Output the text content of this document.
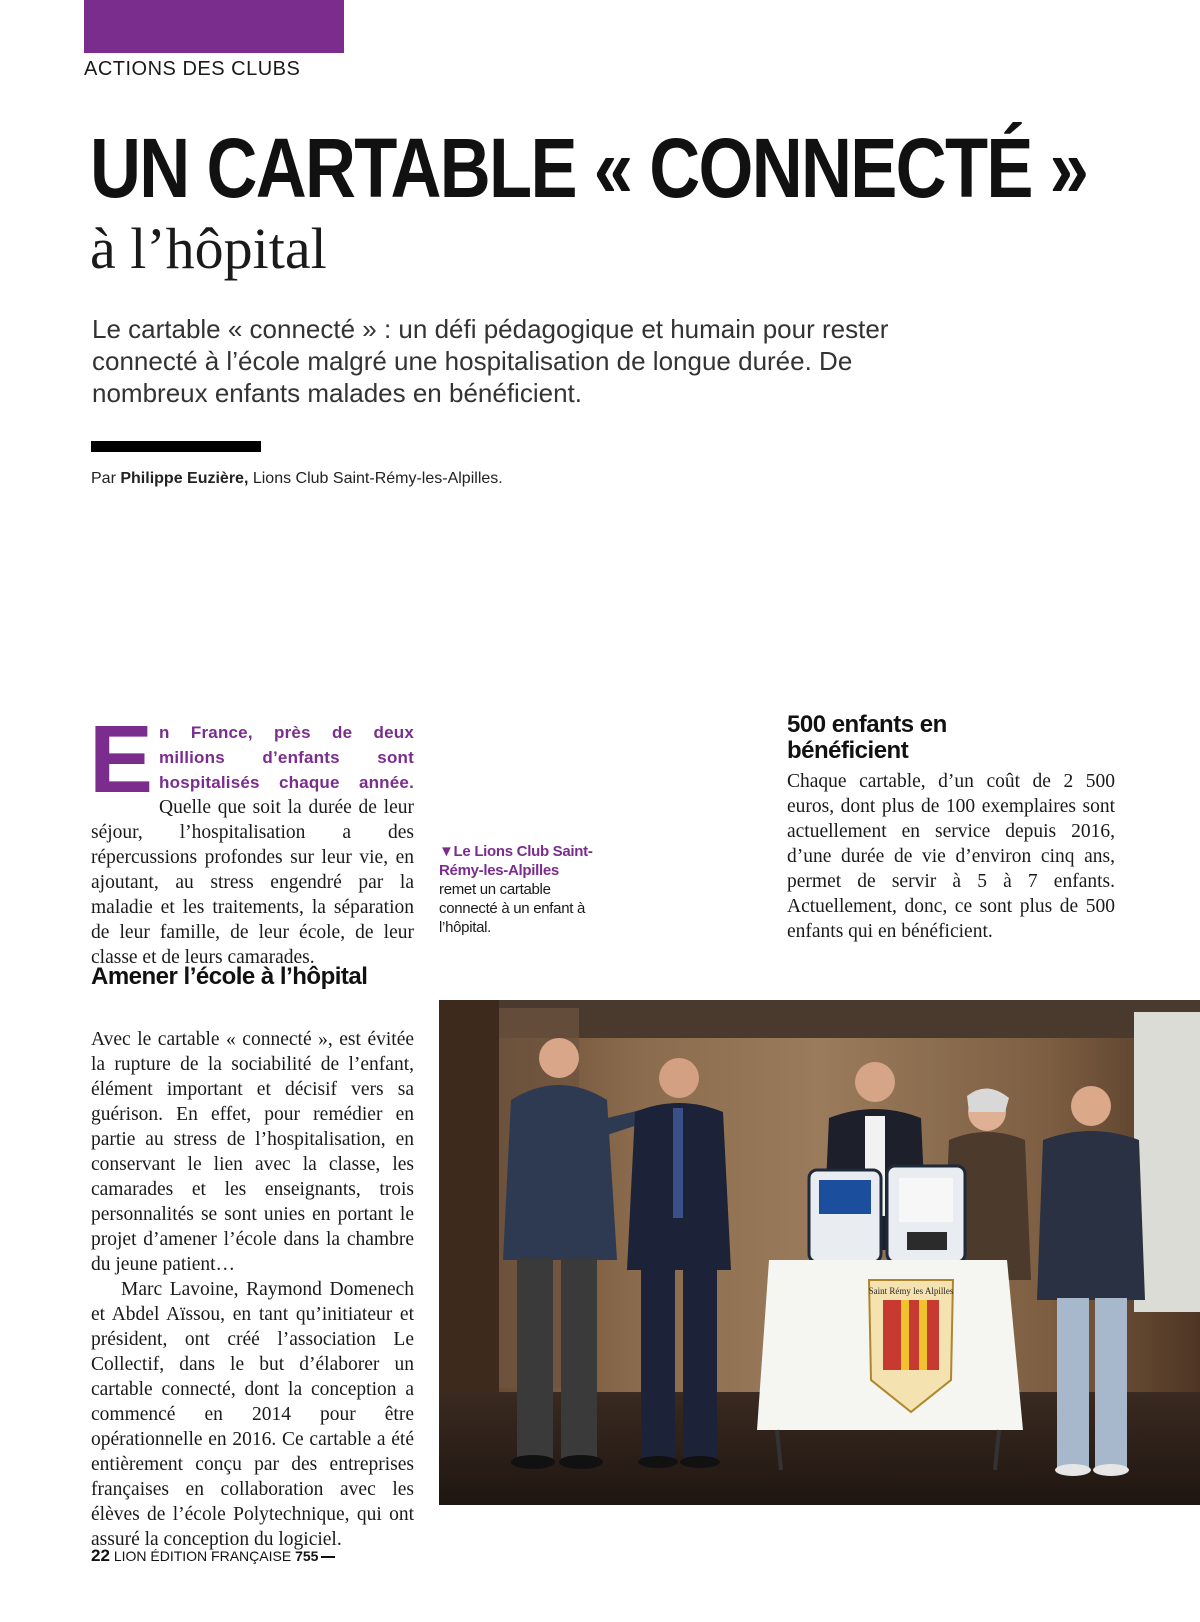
ACTIONS DES CLUBS
UN CARTABLE « CONNECTÉ »
à l’hôpital

Le cartable « connecté » : un défi pédagogique et humain pour rester connecté à l’école malgré une hospitalisation de longue durée. De nombreux enfants malades en bénéficient.

Par Philippe Euzière, Lions Club Saint-Rémy-les-Alpilles.
En France, près de deux millions d’enfants sont hospitalisés chaque année. Quelle que soit la durée de leur séjour, l’hospitalisation a des répercussions profondes sur leur vie, en ajoutant, au stress engendré par la maladie et les traitements, la séparation de leur famille, de leur école, de leur classe et de leurs camarades.
Amener l’école à l’hôpital

Avec le cartable « connecté », est évitée la rupture de la sociabilité de l’enfant, élément important et décisif vers sa guérison. En effet, pour remédier en partie au stress de l’hospitalisation, en conservant le lien avec la classe, les camarades et les enseignants, trois personnalités se sont unies en portant le projet d’amener l’école dans la chambre du jeune patient…

Marc Lavoine, Raymond Domenech et Abdel Aïssou, en tant qu’initiateur et président, ont créé l’association Le Collectif, dans le but d’élaborer un cartable connecté, dont la conception a commencé en 2014 pour être opérationnelle en 2016. Ce cartable a été entièrement conçu par des entreprises françaises en collaboration avec les élèves de l’école Polytechnique, qui ont assuré la conception du logiciel.

500 enfants en bénéficient

Chaque cartable, d’un coût de 2 500 euros, dont plus de 100 exemplaires sont actuellement en service depuis 2016, d’une durée de vie d’environ cinq ans, permet de servir à 5 à 7 enfants. Actuellement, donc, ce sont plus de 500 enfants qui en bénéficient.

▼Le Lions Club Saint-Rémy-les-Alpilles remet un cartable connecté à un enfant à l’hôpital.
Saint Rémy les Alpilles
22 LION ÉDITION FRANÇAISE 755
